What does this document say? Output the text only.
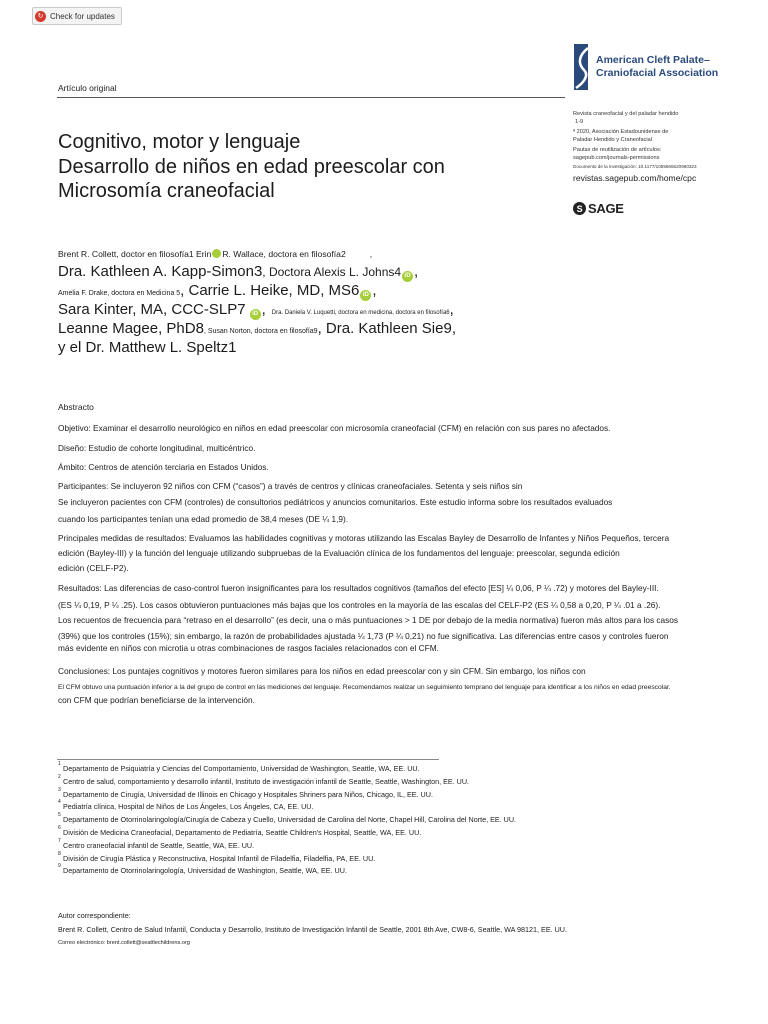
↻ Check for updates
American Cleft Palate–
Craniofacial Association
Artículo original

Revista craneofacial y del paladar hendido

1-9

ª 2020, Asociación Estadounidense de

Paladar Hendido y Craneofacial

Pautas de reutilización de artículos:

sagepub.com/journals-permissions

Documento de la investigación: 10.1177/1055665620960323

revistas.sagepub.com/home/cpc

S SAGE
Cognitivo, motor y lenguaje
Desarrollo de niños en edad preescolar con
Microsomía craneofacial
Brent R. Collett, doctor en filosofía1 Erin R. Wallace, doctora en filosofía2	,
Dra. Kathleen A. Kapp-Simon3 , Doctora Alexis L. Johns4 iD ,
Amelia F. Drake, doctora en Medicina 5 , Carrie L. Heike, MD, MS6 iD ,
Sara Kinter, MA, CCC-SLP7	iD , Dra. Daniela V. Luquetti, doctora en medicina, doctora en filosofía6 ,
Leanne Magee, PhD8 , Susan Norton, doctora en filosofía9 , Dra. Kathleen Sie9,
y el Dr. Matthew L. Speltz1

Abstracto

Objetivo: Examinar el desarrollo neurológico en niños en edad preescolar con microsomía craneofacial (CFM) en relación con sus pares no afectados.

Diseño: Estudio de cohorte longitudinal, multicéntrico.

Ámbito: Centros de atención terciaria en Estados Unidos.

Participantes: Se incluyeron 92 niños con CFM (“casos”) a través de centros y clínicas craneofaciales. Setenta y seis niños sin

Se incluyeron pacientes con CFM (controles) de consultorios pediátricos y anuncios comunitarios. Este estudio informa sobre los resultados evaluados

cuando los participantes tenían una edad promedio de 38,4 meses (DE ¼ 1,9).

Principales medidas de resultados: Evaluamos las habilidades cognitivas y motoras utilizando las Escalas Bayley de Desarrollo de Infantes y Niños Pequeños, tercera

edición (Bayley-III) y la función del lenguaje utilizando subpruebas de la Evaluación clínica de los fundamentos del lenguaje: preescolar, segunda edición

edición (CELF-P2).

Resultados: Las diferencias de caso-control fueron insignificantes para los resultados cognitivos (tamaños del efecto [ES] ¼ 0,06, P ¼ .72) y motores del Bayley-III.

(ES ¼ 0,19, P ¼ .25). Los casos obtuvieron puntuaciones más bajas que los controles en la mayoría de las escalas del CELF-P2 (ES ¼ 0,58 a 0,20, P ¼ .01 a .26).

Los recuentos de frecuencia para “retraso en el desarrollo” (es decir, una o más puntuaciones > 1 DE por debajo de la media normativa) fueron más altos para los casos

(39%) que los controles (15%); sin embargo, la razón de probabilidades ajustada ¼ 1,73 (P ¼ 0,21) no fue significativa. Las diferencias entre casos y controles fueron

más evidente en niños con microtia u otras combinaciones de rasgos faciales relacionados con el CFM.

Conclusiones: Los puntajes cognitivos y motores fueron similares para los niños en edad preescolar con y sin CFM. Sin embargo, los niños con

El CFM obtuvo una puntuación inferior a la del grupo de control en las mediciones del lenguaje. Recomendamos realizar un seguimiento temprano del lenguaje para identificar a los niños en edad preescolar.

con CFM que podrían beneficiarse de la intervención.

1 Departamento de Psiquiatría y Ciencias del Comportamiento, Universidad de Washington, Seattle, WA, EE. UU.
2 Centro de salud, comportamiento y desarrollo infantil, Instituto de investigación infantil de Seattle, Seattle, Washington, EE. UU.
3 Departamento de Cirugía, Universidad de Illinois en Chicago y Hospitales Shriners para Niños, Chicago, IL, EE. UU.
4 Pediatría clínica, Hospital de Niños de Los Ángeles, Los Ángeles, CA, EE. UU.
5 Departamento de Otorrinolaringología/Cirugía de Cabeza y Cuello, Universidad de Carolina del Norte, Chapel Hill, Carolina del Norte, EE. UU.
6 División de Medicina Craneofacial, Departamento de Pediatría, Seattle Children's Hospital, Seattle, WA, EE. UU.
7 Centro craneofacial infantil de Seattle, Seattle, WA, EE. UU.
8 División de Cirugía Plástica y Reconstructiva, Hospital Infantil de Filadelfia, Filadelfia, PA, EE. UU.
9 Departamento de Otorrinolaringología, Universidad de Washington, Seattle, WA, EE. UU.

Autor correspondiente:

Brent R. Collett, Centro de Salud Infantil, Conducta y Desarrollo, Instituto de Investigación Infantil de Seattle, 2001 8th Ave, CW8-6, Seattle, WA 98121, EE. UU.

Correo electrónico: brent.collett@seattlechildrens.org
